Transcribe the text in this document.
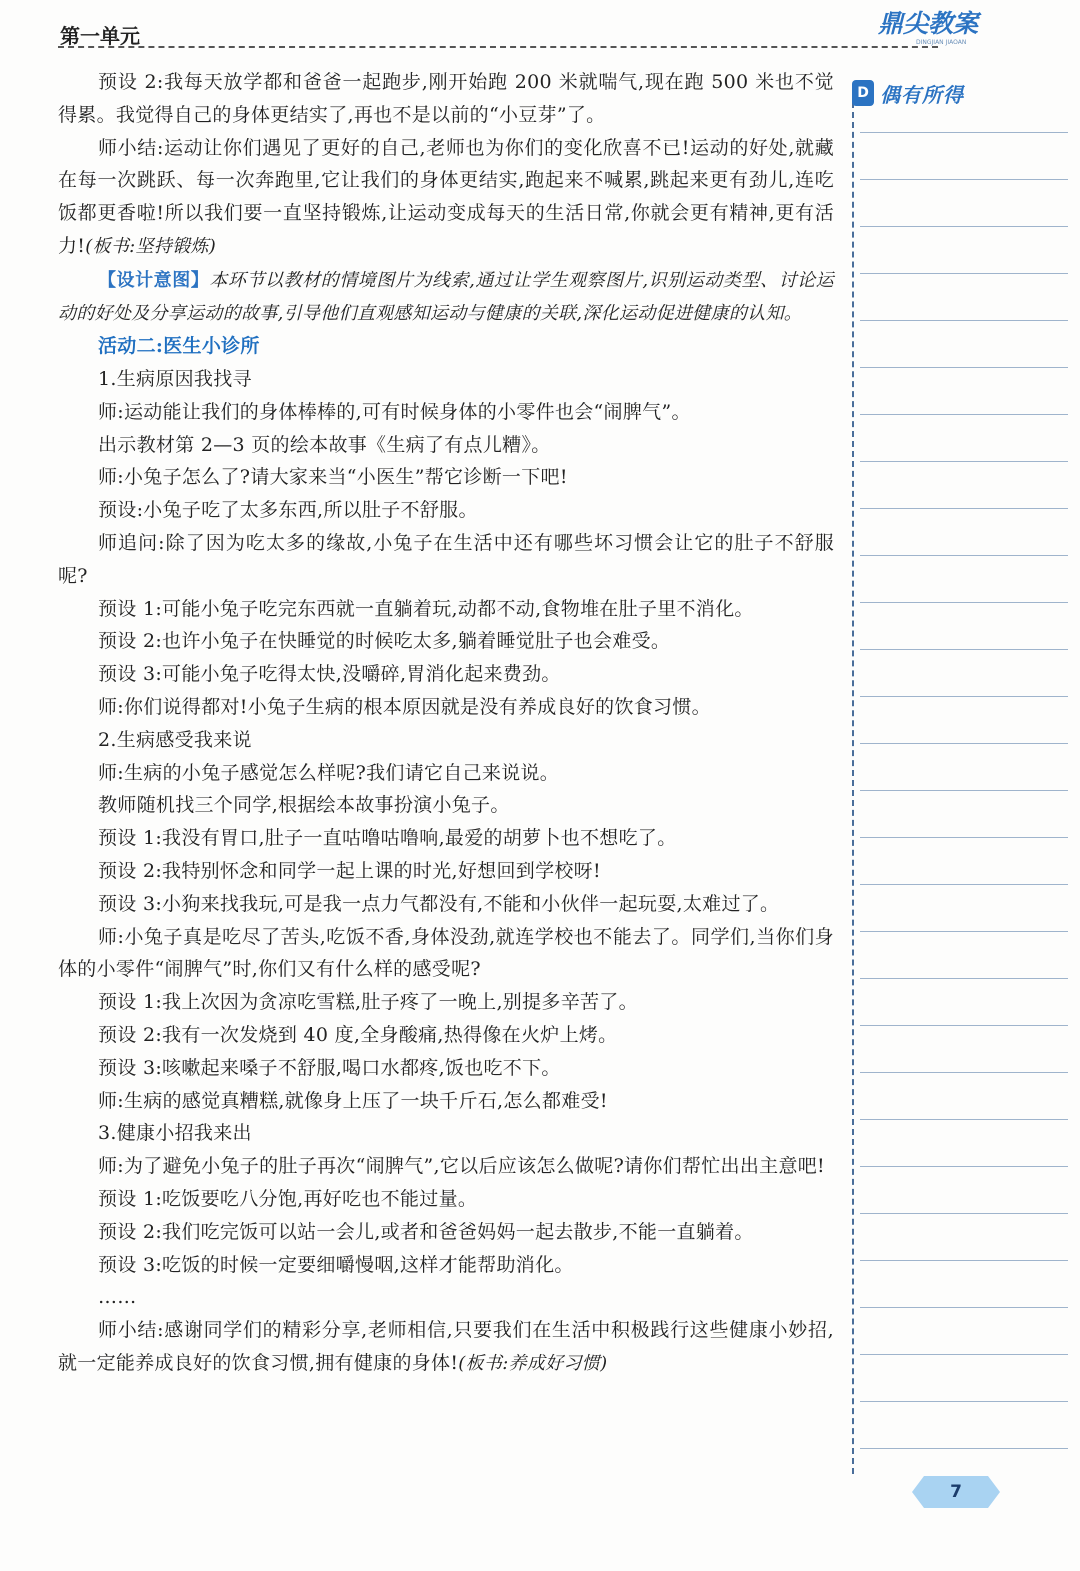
第一单元	鼎尖教案
DINGJIAN JIAOAN

预设 2:我每天放学都和爸爸一起跑步,刚开始跑 200 米就喘气,现在跑 500 米也不觉得累。我觉得自己的身体更结实了,再也不是以前的“小豆芽”了。

师小结:运动让你们遇见了更好的自己,老师也为你们的变化欣喜不已!运动的好处,就藏在每一次跳跃、每一次奔跑里,它让我们的身体更结实,跑起来不喊累,跳起来更有劲儿,连吃饭都更香啦!所以我们要一直坚持锻炼,让运动变成每天的生活日常,你就会更有精神,更有活力!(板书:坚持锻炼)

【设计意图】本环节以教材的情境图片为线索,通过让学生观察图片,识别运动类型、讨论运动的好处及分享运动的故事,引导他们直观感知运动与健康的关联,深化运动促进健康的认知。

活动二:医生小诊所

1.生病原因我找寻

师:运动能让我们的身体棒棒的,可有时候身体的小零件也会“闹脾气”。

出示教材第 2—3 页的绘本故事《生病了有点儿糟》。

师:小兔子怎么了?请大家来当“小医生”帮它诊断一下吧!

预设:小兔子吃了太多东西,所以肚子不舒服。

师追问:除了因为吃太多的缘故,小兔子在生活中还有哪些坏习惯会让它的肚子不舒服呢?

预设 1:可能小兔子吃完东西就一直躺着玩,动都不动,食物堆在肚子里不消化。

预设 2:也许小兔子在快睡觉的时候吃太多,躺着睡觉肚子也会难受。

预设 3:可能小兔子吃得太快,没嚼碎,胃消化起来费劲。

师:你们说得都对!小兔子生病的根本原因就是没有养成良好的饮食习惯。

2.生病感受我来说

师:生病的小兔子感觉怎么样呢?我们请它自己来说说。

教师随机找三个同学,根据绘本故事扮演小兔子。

预设 1:我没有胃口,肚子一直咕噜咕噜响,最爱的胡萝卜也不想吃了。

预设 2:我特别怀念和同学一起上课的时光,好想回到学校呀!

预设 3:小狗来找我玩,可是我一点力气都没有,不能和小伙伴一起玩耍,太难过了。

师:小兔子真是吃尽了苦头,吃饭不香,身体没劲,就连学校也不能去了。同学们,当你们身体的小零件“闹脾气”时,你们又有什么样的感受呢?

预设 1:我上次因为贪凉吃雪糕,肚子疼了一晚上,别提多辛苦了。

预设 2:我有一次发烧到 40 度,全身酸痛,热得像在火炉上烤。

预设 3:咳嗽起来嗓子不舒服,喝口水都疼,饭也吃不下。

师:生病的感觉真糟糕,就像身上压了一块千斤石,怎么都难受!

3.健康小招我来出

师:为了避免小兔子的肚子再次“闹脾气”,它以后应该怎么做呢?请你们帮忙出出主意吧!

预设 1:吃饭要吃八分饱,再好吃也不能过量。

预设 2:我们吃完饭可以站一会儿,或者和爸爸妈妈一起去散步,不能一直躺着。

预设 3:吃饭的时候一定要细嚼慢咽,这样才能帮助消化。

……

师小结:感谢同学们的精彩分享,老师相信,只要我们在生活中积极践行这些健康小妙招,就一定能养成良好的饮食习惯,拥有健康的身体!(板书:养成好习惯)

D 偶有所得
7
